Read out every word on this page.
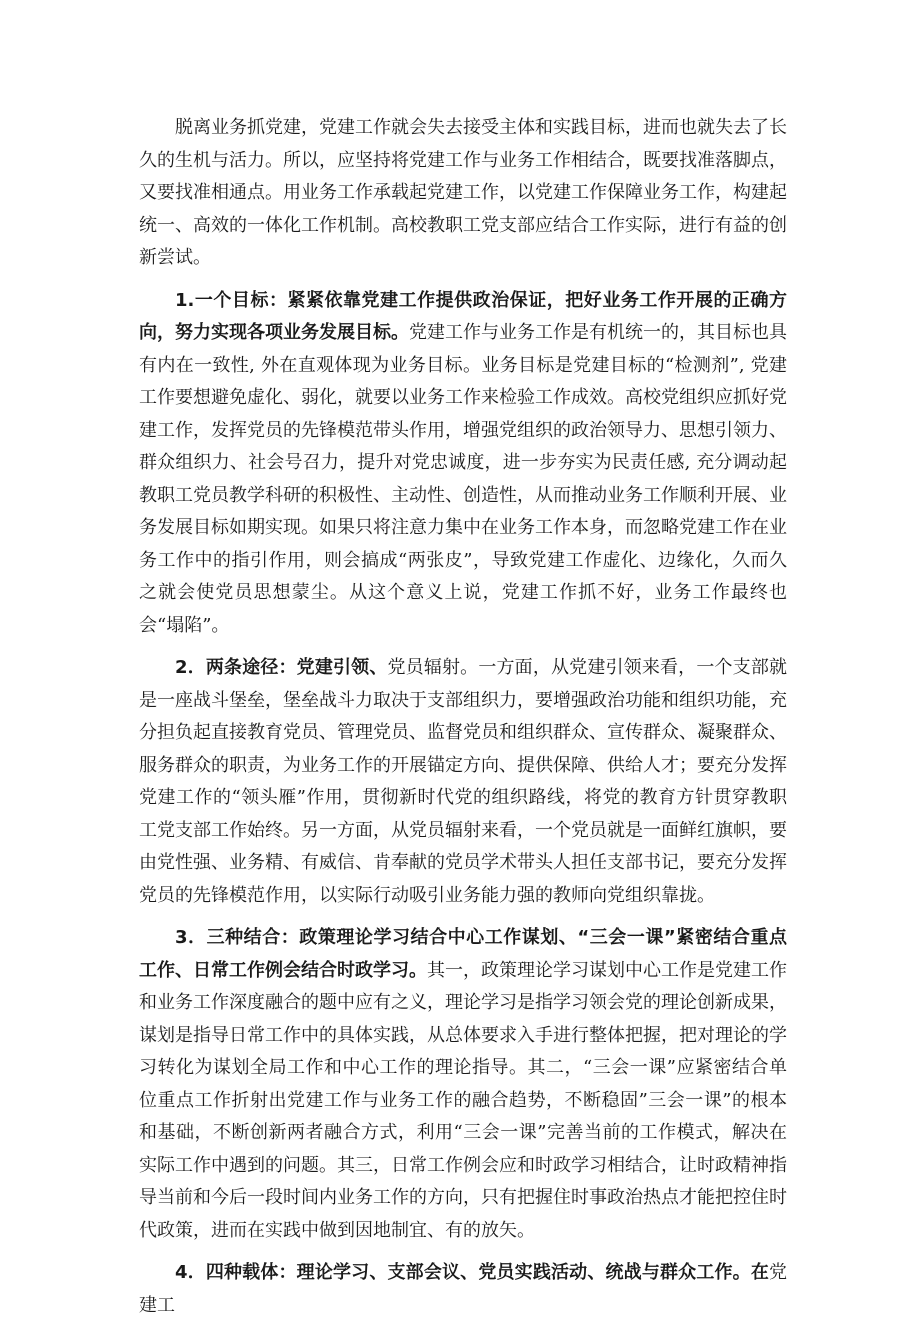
脱离业务抓党建，党建工作就会失去接受主体和实践目标，进而也就失去了长久的生机与活力。所以，应坚持将党建工作与业务工作相结合，既要找准落脚点，又要找准相通点。用业务工作承载起党建工作，以党建工作保障业务工作，构建起统一、高效的一体化工作机制。高校教职工党支部应结合工作实际，进行有益的创新尝试。

1.一个目标：紧紧依靠党建工作提供政治保证，把好业务工作开展的正确方向，努力实现各项业务发展目标。党建工作与业务工作是有机统一的，其目标也具有内在一致性, 外在直观体现为业务目标。业务目标是党建目标的“检测剂”, 党建工作要想避免虚化、弱化，就要以业务工作来检验工作成效。高校党组织应抓好党建工作，发挥党员的先锋模范带头作用，增强党组织的政治领导力、思想引领力、群众组织力、社会号召力，提升对党忠诚度，进一步夯实为民责任感, 充分调动起教职工党员教学科研的积极性、主动性、创造性，从而推动业务工作顺利开展、业务发展目标如期实现。如果只将注意力集中在业务工作本身，而忽略党建工作在业务工作中的指引作用，则会搞成“两张皮”，导致党建工作虚化、边缘化，久而久之就会使党员思想蒙尘。从这个意义上说，党建工作抓不好，业务工作最终也会“塌陷”。

2．两条途径：党建引领、党员辐射。一方面，从党建引领来看，一个支部就是一座战斗堡垒，堡垒战斗力取决于支部组织力，要增强政治功能和组织功能，充分担负起直接教育党员、管理党员、监督党员和组织群众、宣传群众、凝聚群众、服务群众的职责，为业务工作的开展锚定方向、提供保障、供给人才；要充分发挥党建工作的“领头雁”作用，贯彻新时代党的组织路线，将党的教育方针贯穿教职工党支部工作始终。另一方面，从党员辐射来看，一个党员就是一面鲜红旗帜，要由党性强、业务精、有威信、肯奉献的党员学术带头人担任支部书记，要充分发挥党员的先锋模范作用，以实际行动吸引业务能力强的教师向党组织靠拢。

3．三种结合：政策理论学习结合中心工作谋划、“三会一课”紧密结合重点工作、日常工作例会结合时政学习。其一，政策理论学习谋划中心工作是党建工作和业务工作深度融合的题中应有之义，理论学习是指学习领会党的理论创新成果，谋划是指导日常工作中的具体实践，从总体要求入手进行整体把握，把对理论的学习转化为谋划全局工作和中心工作的理论指导。其二，“三会一课”应紧密结合单位重点工作折射出党建工作与业务工作的融合趋势，不断稳固”三会一课”的根本和基础，不断创新两者融合方式，利用“三会一课”完善当前的工作模式，解决在实际工作中遇到的问题。其三，日常工作例会应和时政学习相结合，让时政精神指导当前和今后一段时间内业务工作的方向，只有把握住时事政治热点才能把控住时代政策，进而在实践中做到因地制宜、有的放矢。

4．四种载体：理论学习、支部会议、党员实践活动、统战与群众工作。在党建工
